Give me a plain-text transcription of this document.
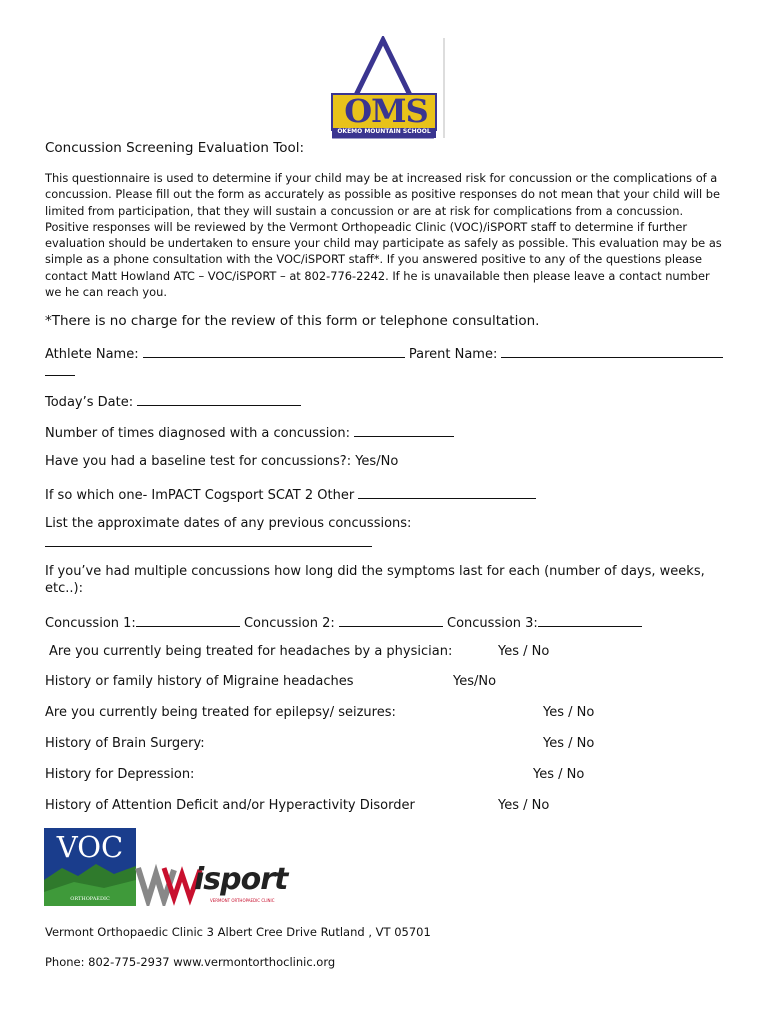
OMS
OKEMO MOUNTAIN SCHOOL
Concussion Screening Evaluation Tool:
This questionnaire is used to determine if your child may be at increased risk for concussion or the complications of a
concussion. Please fill out the form as accurately as possible as positive responses do not mean that your child will be
limited from participation, that they will sustain a concussion or are at risk for complications from a concussion.
Positive responses will be reviewed by the Vermont Orthopeadic Clinic (VOC)/iSPORT staff to determine if further
evaluation should be undertaken to ensure your child may participate as safely as possible. This evaluation may be as
simple as a phone consultation with the VOC/iSPORT staff*. If you answered positive to any of the questions please
contact Matt Howland ATC – VOC/iSPORT – at 802-776-2242. If he is unavailable then please leave a contact number
we he can reach you.
*There is no charge for the review of this form or telephone consultation.
Athlete Name:	Parent Name:
Today’s Date:
Number of times diagnosed with a concussion:
Have you had a baseline test for concussions?: Yes/No
If so which one- ImPACT Cogsport SCAT 2 Other
List the approximate dates of any previous concussions:
If you’ve had multiple concussions how long did the symptoms last for each (number of days, weeks,
etc..):
Concussion 1:	Concussion 2:	Concussion 3:
Are you currently being treated for headaches by a physician:	Yes / No
History or family history of Migraine headaches	Yes/No
Are you currently being treated for epilepsy/ seizures:	Yes / No
History of Brain Surgery:	Yes / No
History for Depression:	Yes / No
History of Attention Deficit and/or Hyperactivity Disorder	Yes / No
VOC
ORTHOPAEDIC
isport
VERMONT ORTHOPAEDIC CLINIC
Vermont Orthopaedic Clinic 3 Albert Cree Drive Rutland , VT 05701
Phone: 802-775-2937 www.vermontorthoclinic.org
